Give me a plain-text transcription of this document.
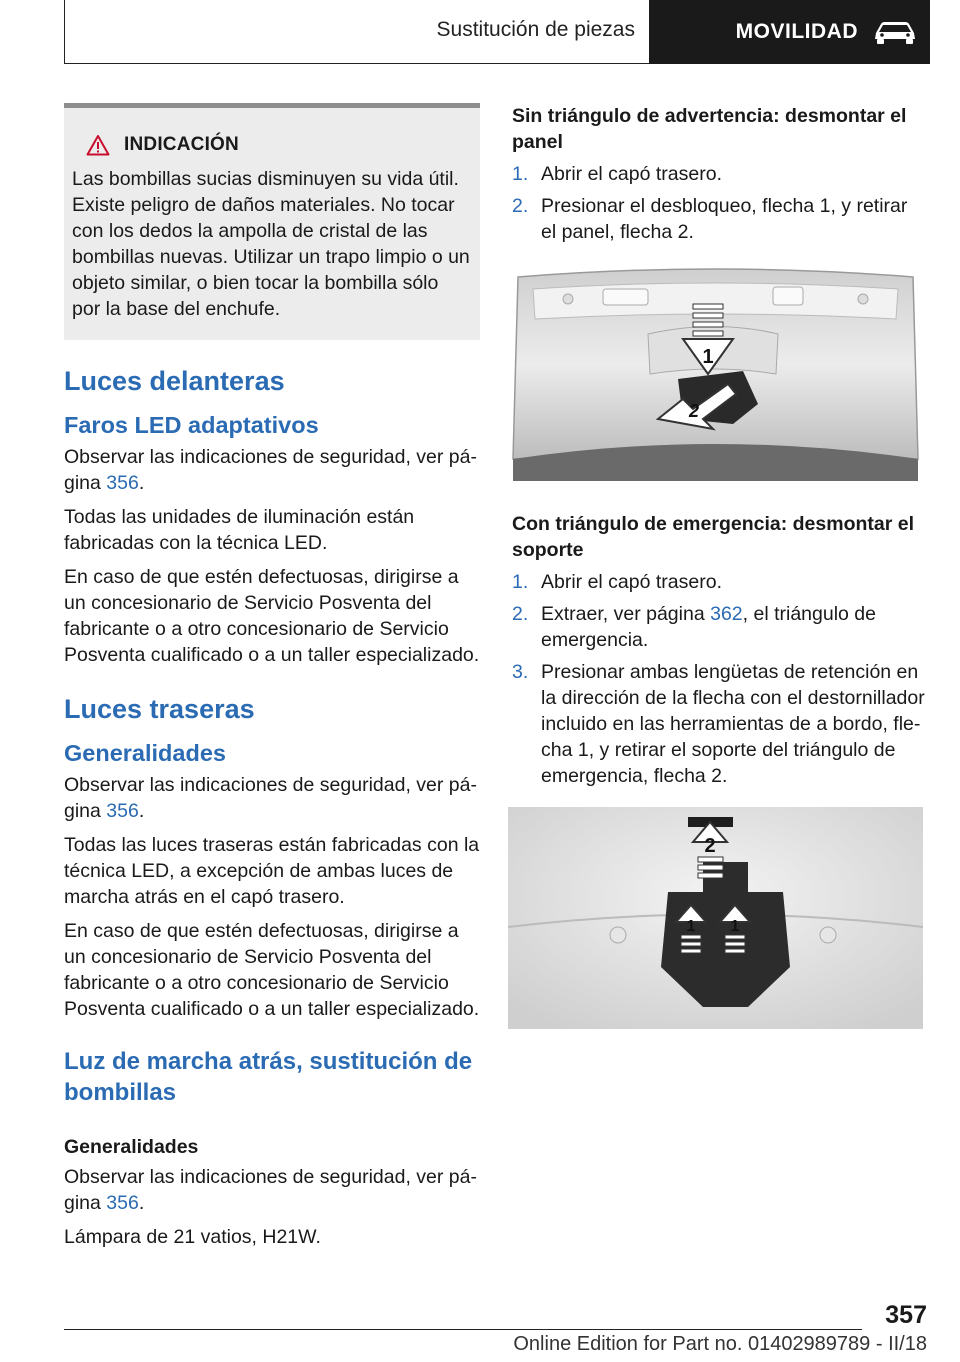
Sustitución de piezas	MOVILIDAD
INDICACIÓN

Las bombillas sucias disminuyen su vida útil. Existe peligro de daños materiales. No tocar con los dedos la ampolla de cristal de las bombillas nuevas. Utilizar un trapo limpio o un objeto similar, o bien tocar la bombilla sólo por la base del enchufe.

Luces delanteras
Faros LED adaptativos

Observar las indicaciones de seguridad, ver página 356.

Todas las unidades de iluminación están fabricadas con la técnica LED.

En caso de que estén defectuosas, dirigirse a un concesionario de Servicio Posventa del fabricante o a otro concesionario de Servicio Posventa cualificado o a un taller especializado.

Luces traseras
Generalidades

Observar las indicaciones de seguridad, ver página 356.

Todas las luces traseras están fabricadas con la técnica LED, a excepción de ambas luces de marcha atrás en el capó trasero.

En caso de que estén defectuosas, dirigirse a un concesionario de Servicio Posventa del fabricante o a otro concesionario de Servicio Posventa cualificado o a un taller especializado.

Luz de marcha atrás, sustitución de bombillas
Generalidades

Observar las indicaciones de seguridad, ver página 356.

Lámpara de 21 vatios, H21W.

Sin triángulo de advertencia: desmontar el panel
1. Abrir el capó trasero.
2. Presionar el desbloqueo, flecha 1, y retirar el panel, flecha 2.
1
2
Con triángulo de emergencia: desmontar el soporte
1. Abrir el capó trasero.
2. Extraer, ver página 362, el triángulo de emergencia.
3. Presionar ambas lengüetas de retención en la dirección de la flecha con el destornillador incluido en las herramientas de a bordo, flecha 1, y retirar el soporte del triángulo de emergencia, flecha 2.
2
1 1
357
Online Edition for Part no. 01402989789 - II/18
